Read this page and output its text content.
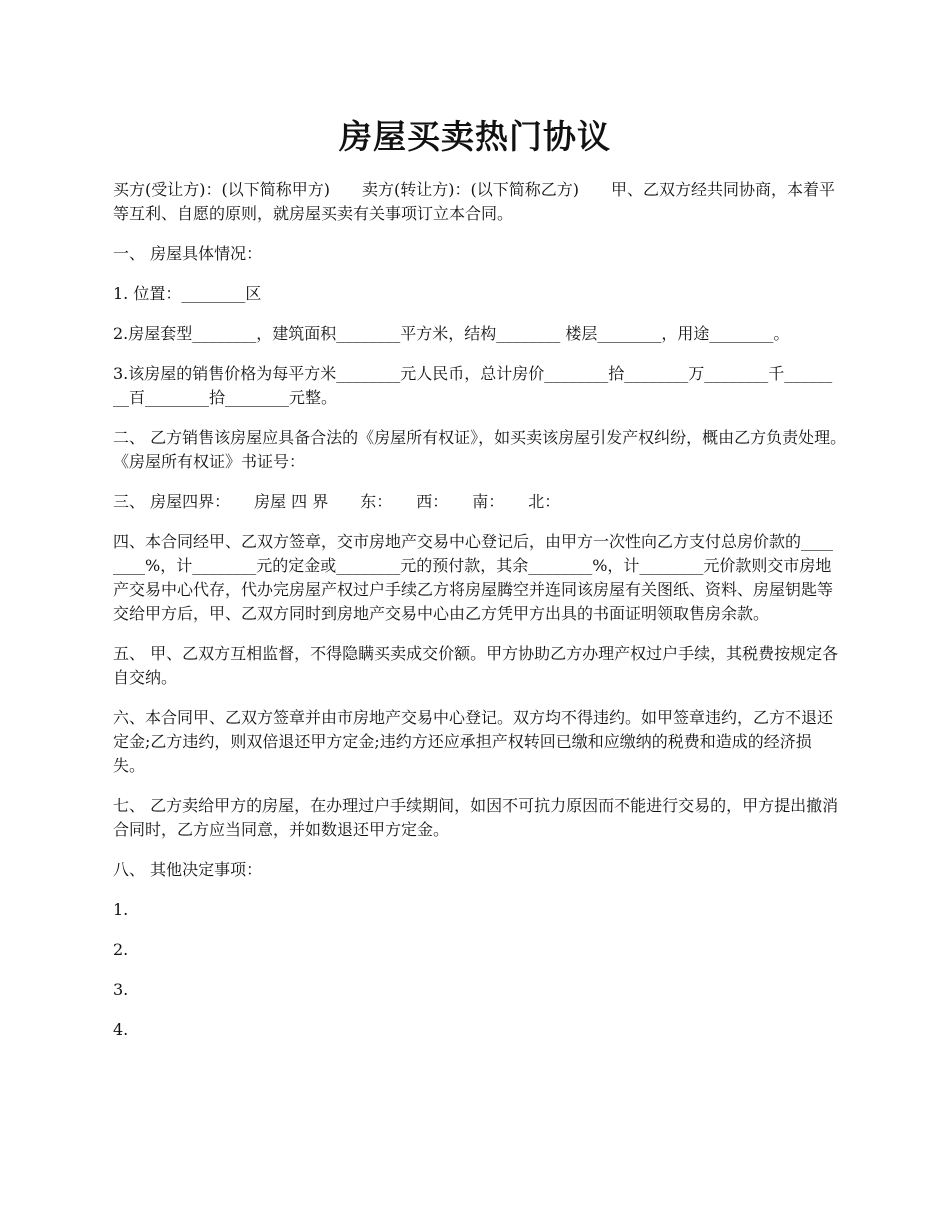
房屋买卖热门协议

买方(受让方)：(以下简称甲方)　　卖方(转让方)：(以下简称乙方)　　甲、乙双方经共同协商，本着平等互利、自愿的原则，就房屋买卖有关事项订立本合同。

一、 房屋具体情况：

1. 位置：________区

2.房屋套型________，建筑面积________平方米，结构________ 楼层________，用途________。

3.该房屋的销售价格为每平方米________元人民币，总计房价________拾________万________千________百________拾________元整。

二、 乙方销售该房屋应具备合法的《房屋所有权证》，如买卖该房屋引发产权纠纷，概由乙方负责处理。　　《房屋所有权证》书证号：

三、 房屋四界：　　房屋 四 界　　东：　　西：　　南：　　北：

四、本合同经甲、乙双方签章，交市房地产交易中心登记后，由甲方一次性向乙方支付总房价款的________%，计________元的定金或________元的预付款，其余________%，计________元价款则交市房地产交易中心代存，代办完房屋产权过户手续乙方将房屋腾空并连同该房屋有关图纸、资料、房屋钥匙等交给甲方后，甲、乙双方同时到房地产交易中心由乙方凭甲方出具的书面证明领取售房余款。

五、 甲、乙双方互相监督，不得隐瞒买卖成交价额。甲方协助乙方办理产权过户手续，其税费按规定各自交纳。

六、本合同甲、乙双方签章并由市房地产交易中心登记。双方均不得违约。如甲签章违约，乙方不退还定金;乙方违约，则双倍退还甲方定金;违约方还应承担产权转回已缴和应缴纳的税费和造成的经济损失。

七、 乙方卖给甲方的房屋，在办理过户手续期间，如因不可抗力原因而不能进行交易的，甲方提出撤消合同时，乙方应当同意，并如数退还甲方定金。

八、 其他决定事项：

1.

2.

3.

4.
